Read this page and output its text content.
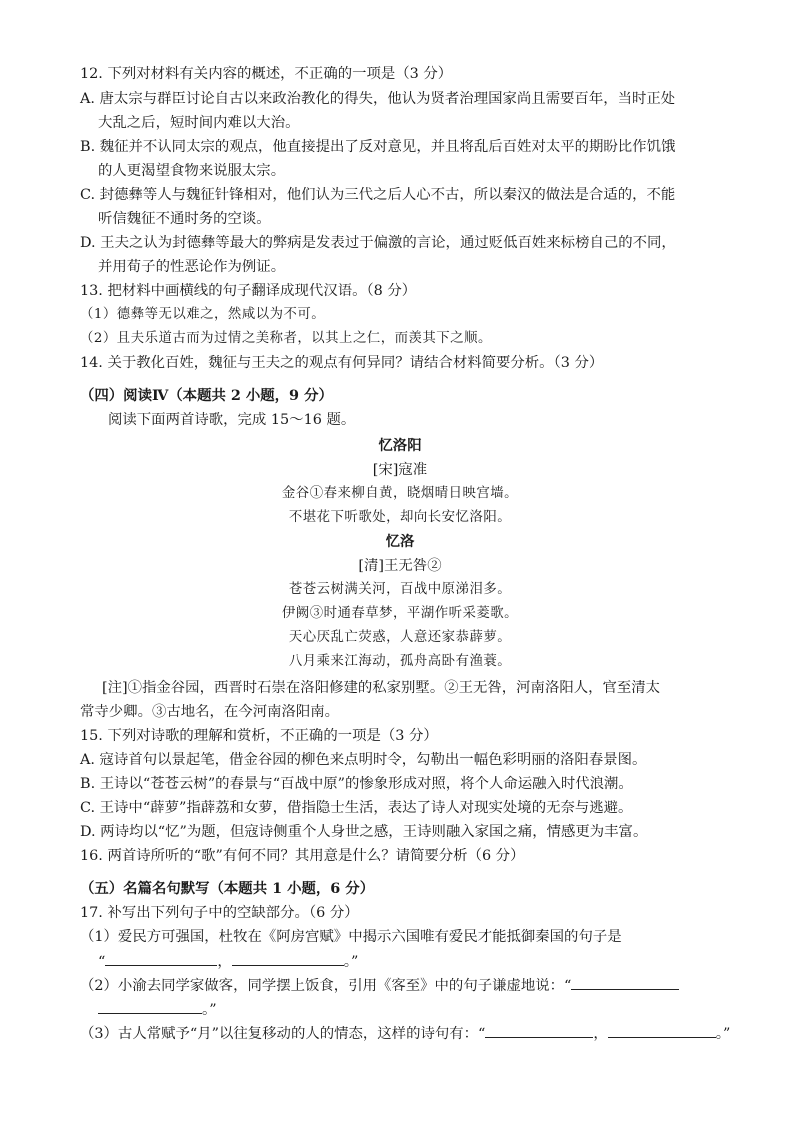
12. 下列对材料有关内容的概述，不正确的一项是（3 分）
A. 唐太宗与群臣讨论自古以来政治教化的得失，他认为贤者治理国家尚且需要百年，当时正处
大乱之后，短时间内难以大治。
B. 魏征并不认同太宗的观点，他直接提出了反对意见，并且将乱后百姓对太平的期盼比作饥饿
的人更渴望食物来说服太宗。
C. 封德彝等人与魏征针锋相对，他们认为三代之后人心不古，所以秦汉的做法是合适的，不能
听信魏征不通时务的空谈。
D. 王夫之认为封德彝等最大的弊病是发表过于偏激的言论，通过贬低百姓来标榜自己的不同，
并用荀子的性恶论作为例证。
13. 把材料中画横线的句子翻译成现代汉语。（8 分）
（1）德彝等无以难之，然咸以为不可。
（2）且夫乐道古而为过情之美称者，以其上之仁，而羡其下之顺。
14. 关于教化百姓，魏征与王夫之的观点有何异同？请结合材料简要分析。（3 分）
（四）阅读Ⅳ（本题共 2 小题，9 分）
阅读下面两首诗歌，完成 15～16 题。
忆洛阳
[宋]寇准
金谷①春来柳自黄，晓烟晴日映宫墙。
不堪花下听歌处，却向长安忆洛阳。
忆洛
[清]王无咎②
苍苍云树满关河，百战中原涕泪多。
伊阙③时通春草梦，平湖作听采菱歌。
天心厌乱亡荧惑，人意还家恭薜萝。
八月乘来江海动，孤舟高卧有渔蓑。
[注]①指金谷园，西晋时石崇在洛阳修建的私家别墅。②王无咎，河南洛阳人，官至清太
常寺少卿。③古地名，在今河南洛阳南。
15. 下列对诗歌的理解和赏析，不正确的一项是（3 分）
A. 寇诗首句以景起笔，借金谷园的柳色来点明时令，勾勒出一幅色彩明丽的洛阳春景图。
B. 王诗以“苍苍云树”的春景与“百战中原”的惨象形成对照，将个人命运融入时代浪潮。
C. 王诗中“薜萝”指薜荔和女萝，借指隐士生活，表达了诗人对现实处境的无奈与逃避。
D. 两诗均以“忆”为题，但寇诗侧重个人身世之感，王诗则融入家国之痛，情感更为丰富。
16. 两首诗所听的“歌”有何不同？其用意是什么？请简要分析（6 分）
（五）名篇名句默写（本题共 1 小题，6 分）
17. 补写出下列句子中的空缺部分。（6 分）
（1）爱民方可强国，杜牧在《阿房宫赋》中揭示六国唯有爱民才能抵御秦国的句子是
“	，	。”
（2）小渝去同学家做客，同学摆上饭食，引用《客至》中的句子谦虚地说：“
。”
（3）古人常赋予“月”以往复移动的人的情态，这样的诗句有：“	，	。”
